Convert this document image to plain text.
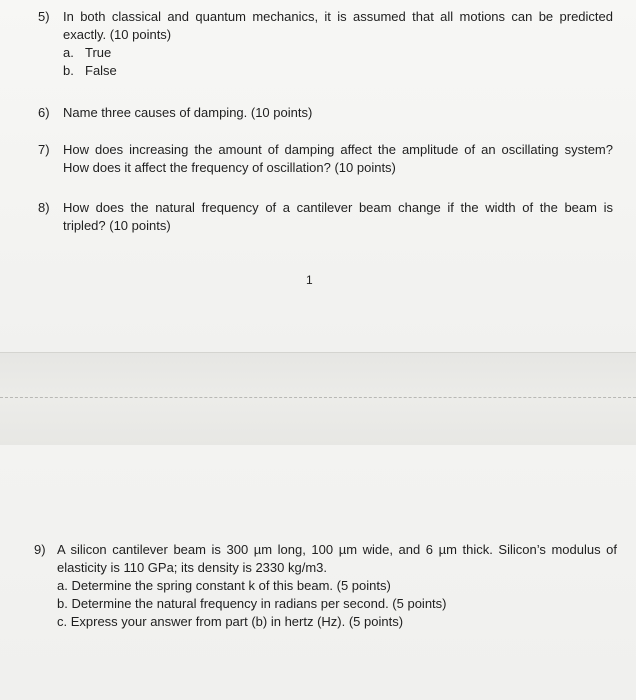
5) In both classical and quantum mechanics, it is assumed that all motions can be predicted
exactly. (10 points)
a. True
b. False
6) Name three causes of damping. (10 points)
7) How does increasing the amount of damping affect the amplitude of an oscillating system?
How does it affect the frequency of oscillation? (10 points)
8) How does the natural frequency of a cantilever beam change if the width of the beam is
tripled? (10 points)
1
9) A silicon cantilever beam is 300 µm long, 100 µm wide, and 6 µm thick. Silicon’s modulus of
elasticity is 110 GPa; its density is 2330 kg/m3.
a. Determine the spring constant k of this beam. (5 points)
b. Determine the natural frequency in radians per second. (5 points)
c. Express your answer from part (b) in hertz (Hz). (5 points)
